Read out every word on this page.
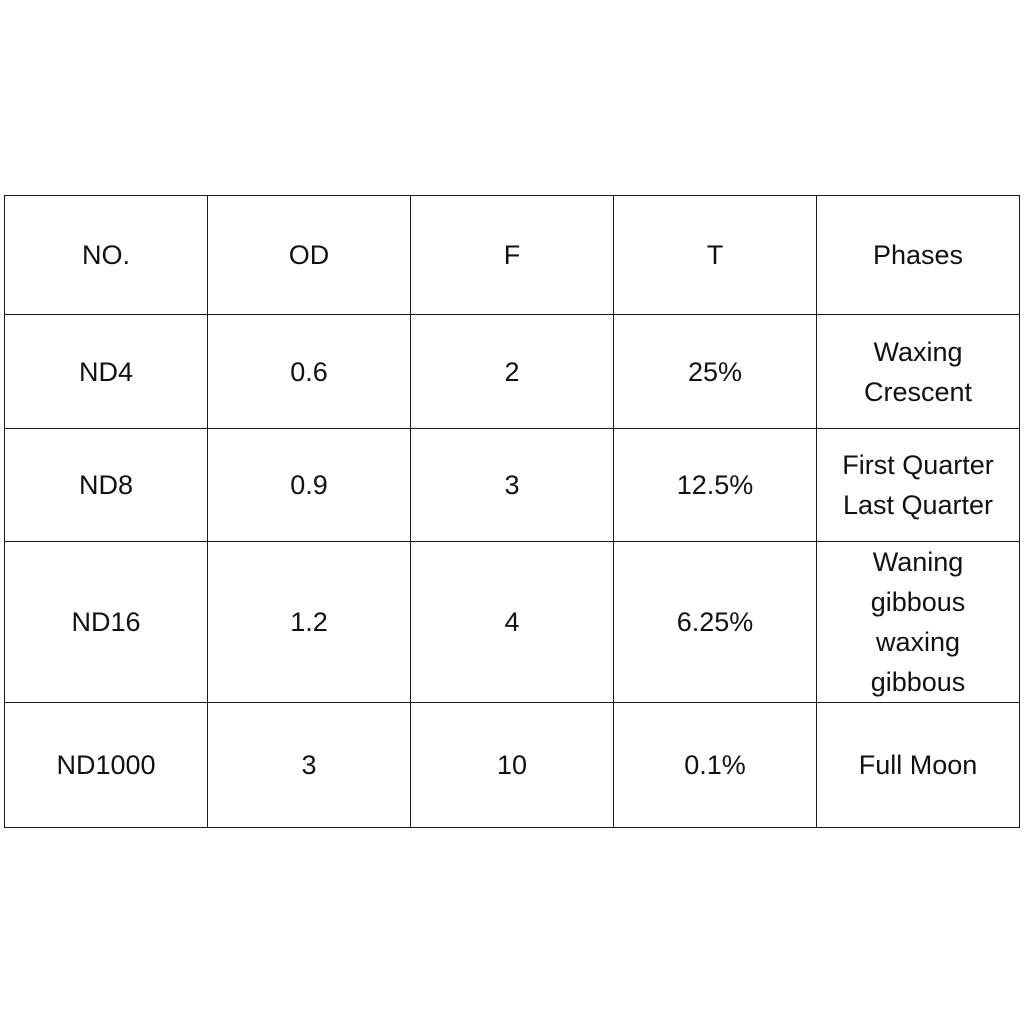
NO.	OD	F	T	Phases
ND4	0.6	2	25%	Waxing
Crescent

ND8	0.9	3	12.5%	First Quarter
Last Quarter

ND16	1.2	4	6.25%	Waning
gibbous
waxing
gibbous

ND1000	3	10	0.1%	Full Moon
